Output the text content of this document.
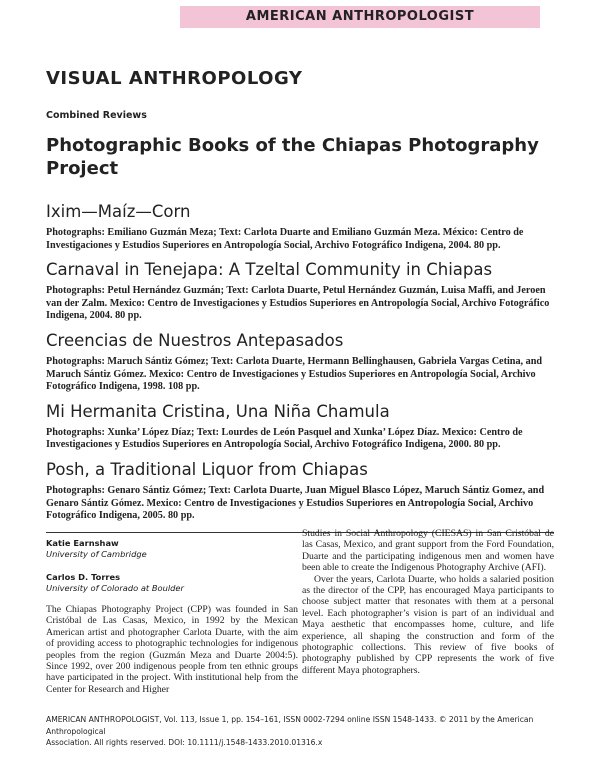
AMERICAN ANTHROPOLOGIST
VISUAL ANTHROPOLOGY
Combined Reviews
Photographic Books of the Chiapas Photography Project
Ixim—Maíz—Corn
Photographs: Emiliano Guzmán Meza; Text: Carlota Duarte and Emiliano Guzmán Meza. México: Centro de Investigaciones y Estudios Superiores en Antropología Social, Archivo Fotográfico Indigena, 2004. 80 pp.
Carnaval in Tenejapa: A Tzeltal Community in Chiapas
Photographs: Petul Hernández Guzmán; Text: Carlota Duarte, Petul Hernández Guzmán, Luisa Maffi, and Jeroen van der Zalm. Mexico: Centro de Investigaciones y Estudios Superiores en Antropología Social, Archivo Fotográfico Indigena, 2004. 80 pp.
Creencias de Nuestros Antepasados
Photographs: Maruch Sántiz Gómez; Text: Carlota Duarte, Hermann Bellinghausen, Gabriela Vargas Cetina, and Maruch Sántiz Gómez. Mexico: Centro de Investigaciones y Estudios Superiores en Antropología Social, Archivo Fotográfico Indigena, 1998. 108 pp.
Mi Hermanita Cristina, Una Niña Chamula
Photographs: Xunka’ López Díaz; Text: Lourdes de León Pasquel and Xunka’ López Díaz. Mexico: Centro de Investigaciones y Estudios Superiores en Antropología Social, Archivo Fotográfico Indigena, 2000. 80 pp.
Posh, a Traditional Liquor from Chiapas
Photographs: Genaro Sántiz Gómez; Text: Carlota Duarte, Juan Miguel Blasco López, Maruch Sántiz Gomez, and Genaro Sántiz Gómez. Mexico: Centro de Investigaciones y Estudios Superiores en Antropología Social, Archivo Fotográfico Indigena, 2005. 80 pp.
Katie Earnshaw
University of Cambridge
Carlos D. Torres
University of Colorado at Boulder

The Chiapas Photography Project (CPP) was founded in San Cristóbal de Las Casas, Mexico, in 1992 by the Mexican American artist and photographer Carlota Duarte, with the aim of providing access to photographic technologies for indigenous peoples from the region (Guzmán Meza and Duarte 2004:5). Since 1992, over 200 indigenous people from ten ethnic groups have participated in the project. With institutional help from the Center for Research and Higher

Studies in Social Anthropology (CIESAS) in San Cristóbal de las Casas, Mexico, and grant support from the Ford Foundation, Duarte and the participating indigenous men and women have been able to create the Indigenous Photography Archive (AFI).

Over the years, Carlota Duarte, who holds a salaried position as the director of the CPP, has encouraged Maya participants to choose subject matter that resonates with them at a personal level. Each photographer’s vision is part of an individual and Maya aesthetic that encompasses home, culture, and life experience, all shaping the construction and form of the photographic collections. This review of five books of photography published by CPP represents the work of five different Maya photographers.

AMERICAN ANTHROPOLOGIST, Vol. 113, Issue 1, pp. 154–161, ISSN 0002-7294 online ISSN 1548-1433. © 2011 by the American Anthropological
Association. All rights reserved. DOI: 10.1111/j.1548-1433.2010.01316.x
